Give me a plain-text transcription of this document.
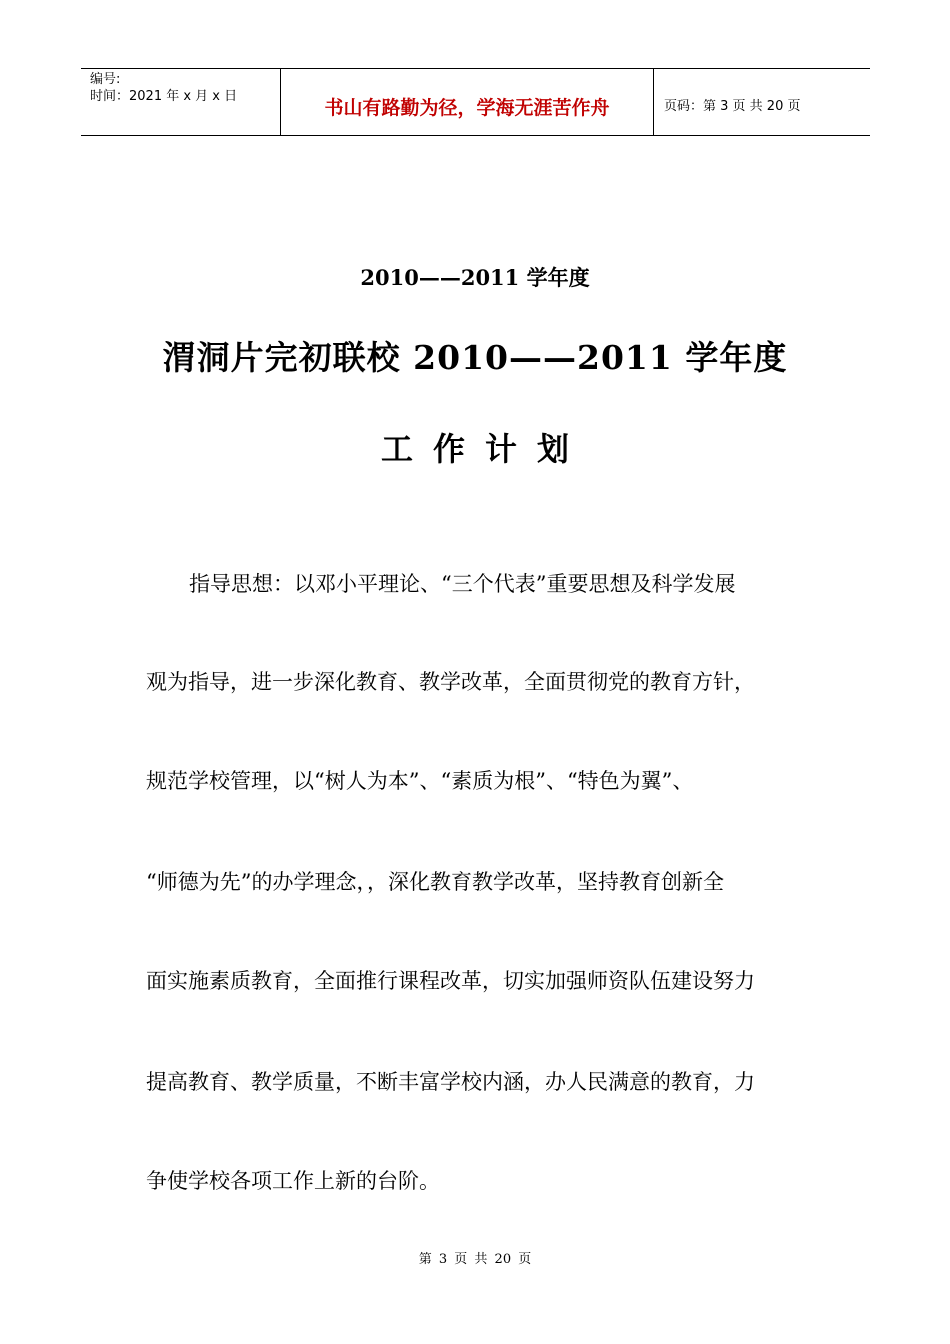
编号:
时间：2021 年 x 月 x 日	书山有路勤为径，学海无涯苦作舟	页码：第 3 页 共 20 页
2010——2011 学年度
渭洞片完初联校 2010——2011 学年度
工作计划
指导思想：以邓小平理论、“三个代表”重要思想及科学发展
观为指导，进一步深化教育、教学改革，全面贯彻党的教育方针，
规范学校管理，以“树人为本”、“素质为根”、“特色为翼”、
“师德为先”的办学理念，，深化教育教学改革，坚持教育创新全
面实施素质教育，全面推行课程改革，切实加强师资队伍建设努力
提高教育、教学质量，不断丰富学校内涵，办人民满意的教育，力
争使学校各项工作上新的台阶。
第 3 页 共 20 页
